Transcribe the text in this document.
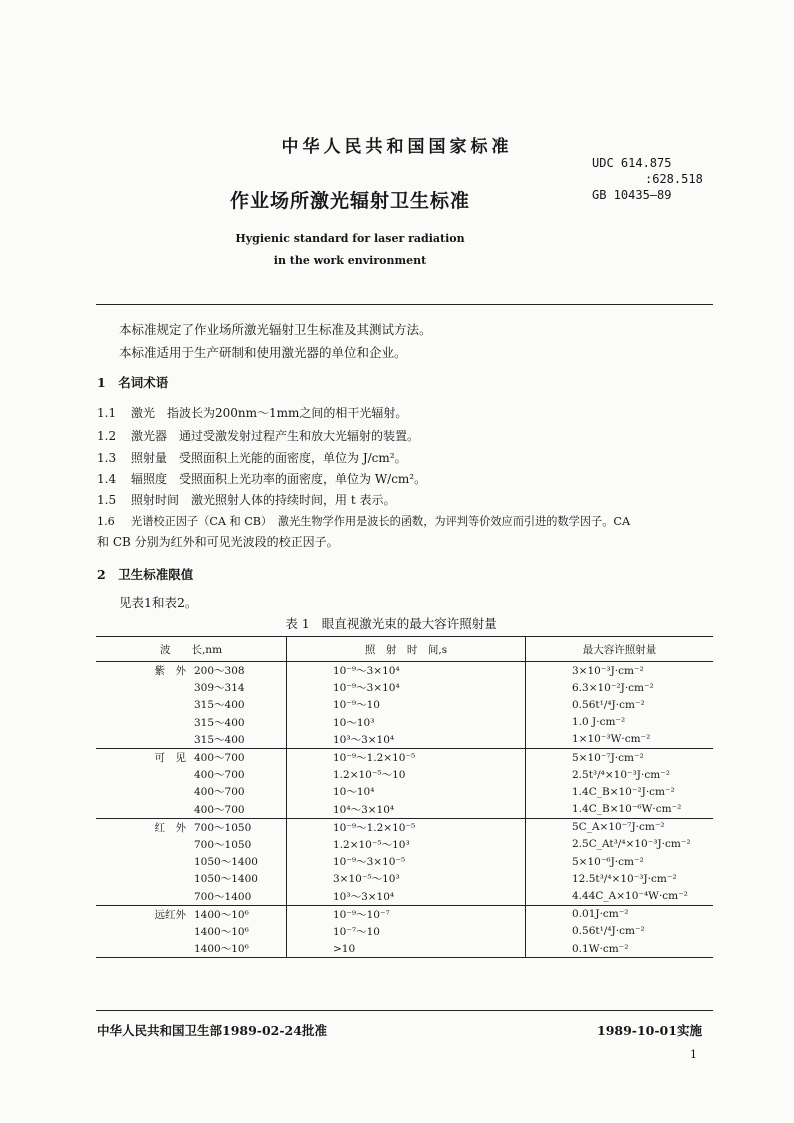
中华人民共和国国家标准
UDC 614.875
:628.518
GB 10435—89
作业场所激光辐射卫生标准
Hygienic standard for laser radiation
in the work environment
本标准规定了作业场所激光辐射卫生标准及其测试方法。
本标准适用于生产研制和使用激光器的单位和企业。
1　名词术语
1.1 激光 指波长为200nm～1mm之间的相干光辐射。
1.2 激光器 通过受激发射过程产生和放大光辐射的装置。
1.3 照射量 受照面积上光能的面密度，单位为 J/cm²。
1.4 辐照度 受照面积上光功率的面密度，单位为 W/cm²。
1.5 照射时间 激光照射人体的持续时间，用 t 表示。
1.6 光谱校正因子（CA 和 CB）　激光生物学作用是波长的函数，为评判等价效应而引进的数学因子。CA
和 CB 分别为红外和可见光波段的校正因子。
2　卫生标准限值
见表1和表2。
表 1 眼直视激光束的最大容许照射量
波　　长,nm	照　射　时　间,s	最大容许照射量
紫　外 200～308	10⁻⁹～3×10⁴	3×10⁻³J·cm⁻²
309～314	10⁻⁹～3×10⁴	6.3×10⁻²J·cm⁻²
315～400	10⁻⁹～10	0.56t¹/⁴J·cm⁻²
315～400	10～10³	1.0 J·cm⁻²
315～400	10³～3×10⁴	1×10⁻³W·cm⁻²
可　见 400～700	10⁻⁹～1.2×10⁻⁵	5×10⁻⁷J·cm⁻²
400～700	1.2×10⁻⁵～10	2.5t³/⁴×10⁻³J·cm⁻²
400～700	10～10⁴	1.4C_B×10⁻²J·cm⁻²
400～700	10⁴～3×10⁴	1.4C_B×10⁻⁶W·cm⁻²
红　外 700～1050	10⁻⁹～1.2×10⁻⁵	5C_A×10⁻⁷J·cm⁻²
700～1050	1.2×10⁻⁵～10³	2.5C_At³/⁴×10⁻³J·cm⁻²
1050～1400	10⁻⁹～3×10⁻⁵	5×10⁻⁶J·cm⁻²
1050～1400	3×10⁻⁵～10³	12.5t³/⁴×10⁻³J·cm⁻²
700～1400	10³～3×10⁴	4.44C_A×10⁻⁴W·cm⁻²
远红外 1400～10⁶	10⁻⁹～10⁻⁷	0.01J·cm⁻²
1400～10⁶	10⁻⁷～10	0.56t¹/⁴J·cm⁻²
1400～10⁶	>10	0.1W·cm⁻²
中华人民共和国卫生部1989-02-24批准	1989-10-01实施
1
